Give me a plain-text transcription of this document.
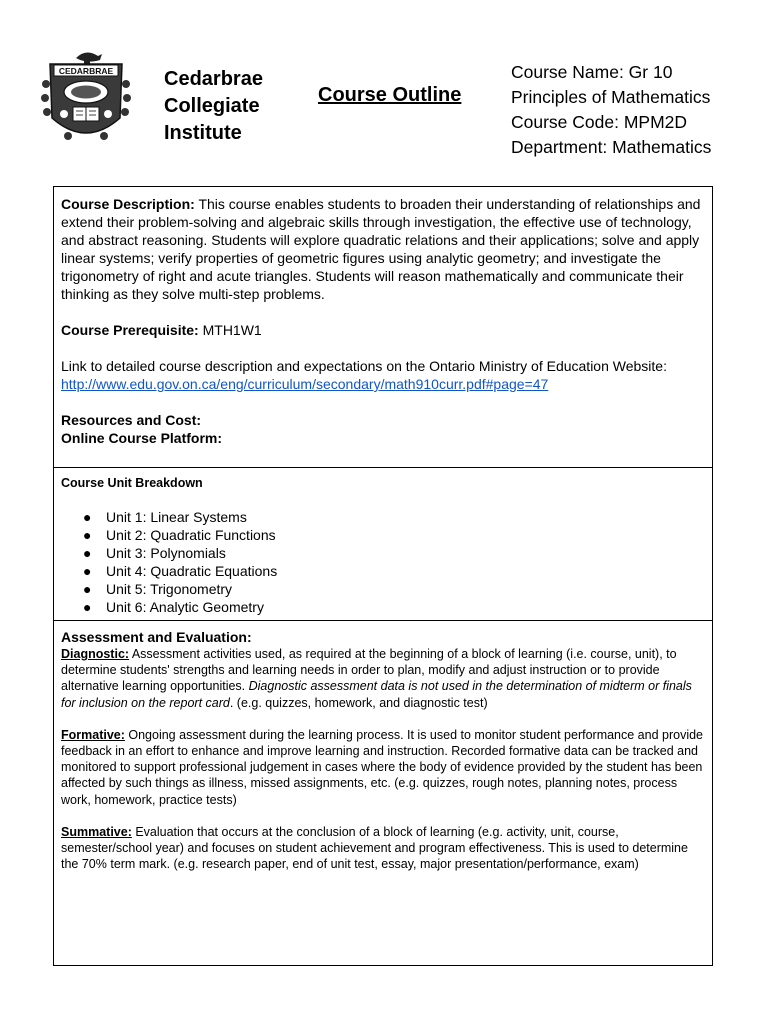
CEDARBRAE	Cedarbrae
Collegiate
Institute
Course Outline
Course Name: Gr 10
Principles of Mathematics
Course Code: MPM2D
Department: Mathematics

Course Description: This course enables students to broaden their understanding of relationships and extend their problem-solving and algebraic skills through investigation, the effective use of technology, and abstract reasoning. Students will explore quadratic relations and their applications; solve and apply linear systems; verify properties of geometric figures using analytic geometry; and investigate the trigonometry of right and acute triangles. Students will reason mathematically and communicate their thinking as they solve multi-step problems.

Course Prerequisite: MTH1W1

Link to detailed course description and expectations on the Ontario Ministry of Education Website: http://www.edu.gov.on.ca/eng/curriculum/secondary/math910curr.pdf#page=47

Resources and Cost:
Online Course Platform:
Course Unit Breakdown
● Unit 1: Linear Systems
● Unit 2: Quadratic Functions
● Unit 3: Polynomials
● Unit 4: Quadratic Equations
● Unit 5: Trigonometry
● Unit 6: Analytic Geometry
Assessment and Evaluation:
Diagnostic: Assessment activities used, as required at the beginning of a block of learning (i.e. course, unit), to determine students' strengths and learning needs in order to plan, modify and adjust instruction or to provide alternative learning opportunities. Diagnostic assessment data is not used in the determination of midterm or finals for inclusion on the report card. (e.g. quizzes, homework, and diagnostic test)
Formative: Ongoing assessment during the learning process. It is used to monitor student performance and provide feedback in an effort to enhance and improve learning and instruction. Recorded formative data can be tracked and monitored to support professional judgement in cases where the body of evidence provided by the student has been affected by such things as illness, missed assignments, etc. (e.g. quizzes, rough notes, planning notes, process work, homework, practice tests)
Summative: Evaluation that occurs at the conclusion of a block of learning (e.g. activity, unit, course, semester/school year) and focuses on student achievement and program effectiveness. This is used to determine the 70% term mark. (e.g. research paper, end of unit test, essay, major presentation/performance, exam)
